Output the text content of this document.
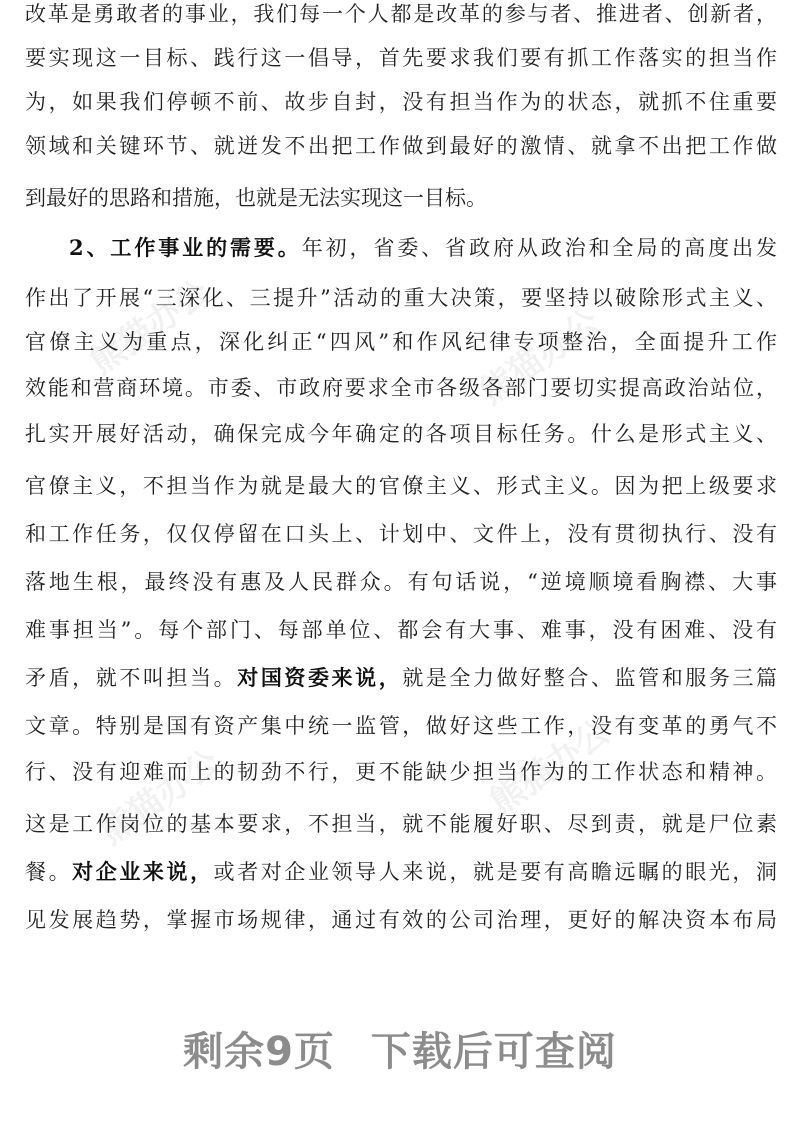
熊猫办公	熊猫办公
熊猫办公	熊猫办公
改革是勇敢者的事业，我们每一个人都是改革的参与者、推进者、创新者，
要实现这一目标、践行这一倡导，首先要求我们要有抓工作落实的担当作
为，如果我们停顿不前、故步自封，没有担当作为的状态，就抓不住重要
领域和关键环节、就迸发不出把工作做到最好的激情、就拿不出把工作做
到最好的思路和措施，也就是无法实现这一目标。
2、工作事业的需要。年初，省委、省政府从政治和全局的高度出发
作出了开展“三深化、三提升”活动的重大决策，要坚持以破除形式主义、
官僚主义为重点，深化纠正“四风”和作风纪律专项整治，全面提升工作
效能和营商环境。市委、市政府要求全市各级各部门要切实提高政治站位，
扎实开展好活动，确保完成今年确定的各项目标任务。什么是形式主义、
官僚主义，不担当作为就是最大的官僚主义、形式主义。因为把上级要求
和工作任务，仅仅停留在口头上、计划中、文件上，没有贯彻执行、没有
落地生根，最终没有惠及人民群众。有句话说，“逆境顺境看胸襟、大事
难事担当”。每个部门、每部单位、都会有大事、难事，没有困难、没有
矛盾，就不叫担当。对国资委来说，就是全力做好整合、监管和服务三篇
文章。特别是国有资产集中统一监管，做好这些工作，没有变革的勇气不
行、没有迎难而上的韧劲不行，更不能缺少担当作为的工作状态和精神。
这是工作岗位的基本要求，不担当，就不能履好职、尽到责，就是尸位素
餐。对企业来说，或者对企业领导人来说，就是要有高瞻远瞩的眼光，洞
见发展趋势，掌握市场规律，通过有效的公司治理，更好的解决资本布局
剩余9页 下载后可查阅
